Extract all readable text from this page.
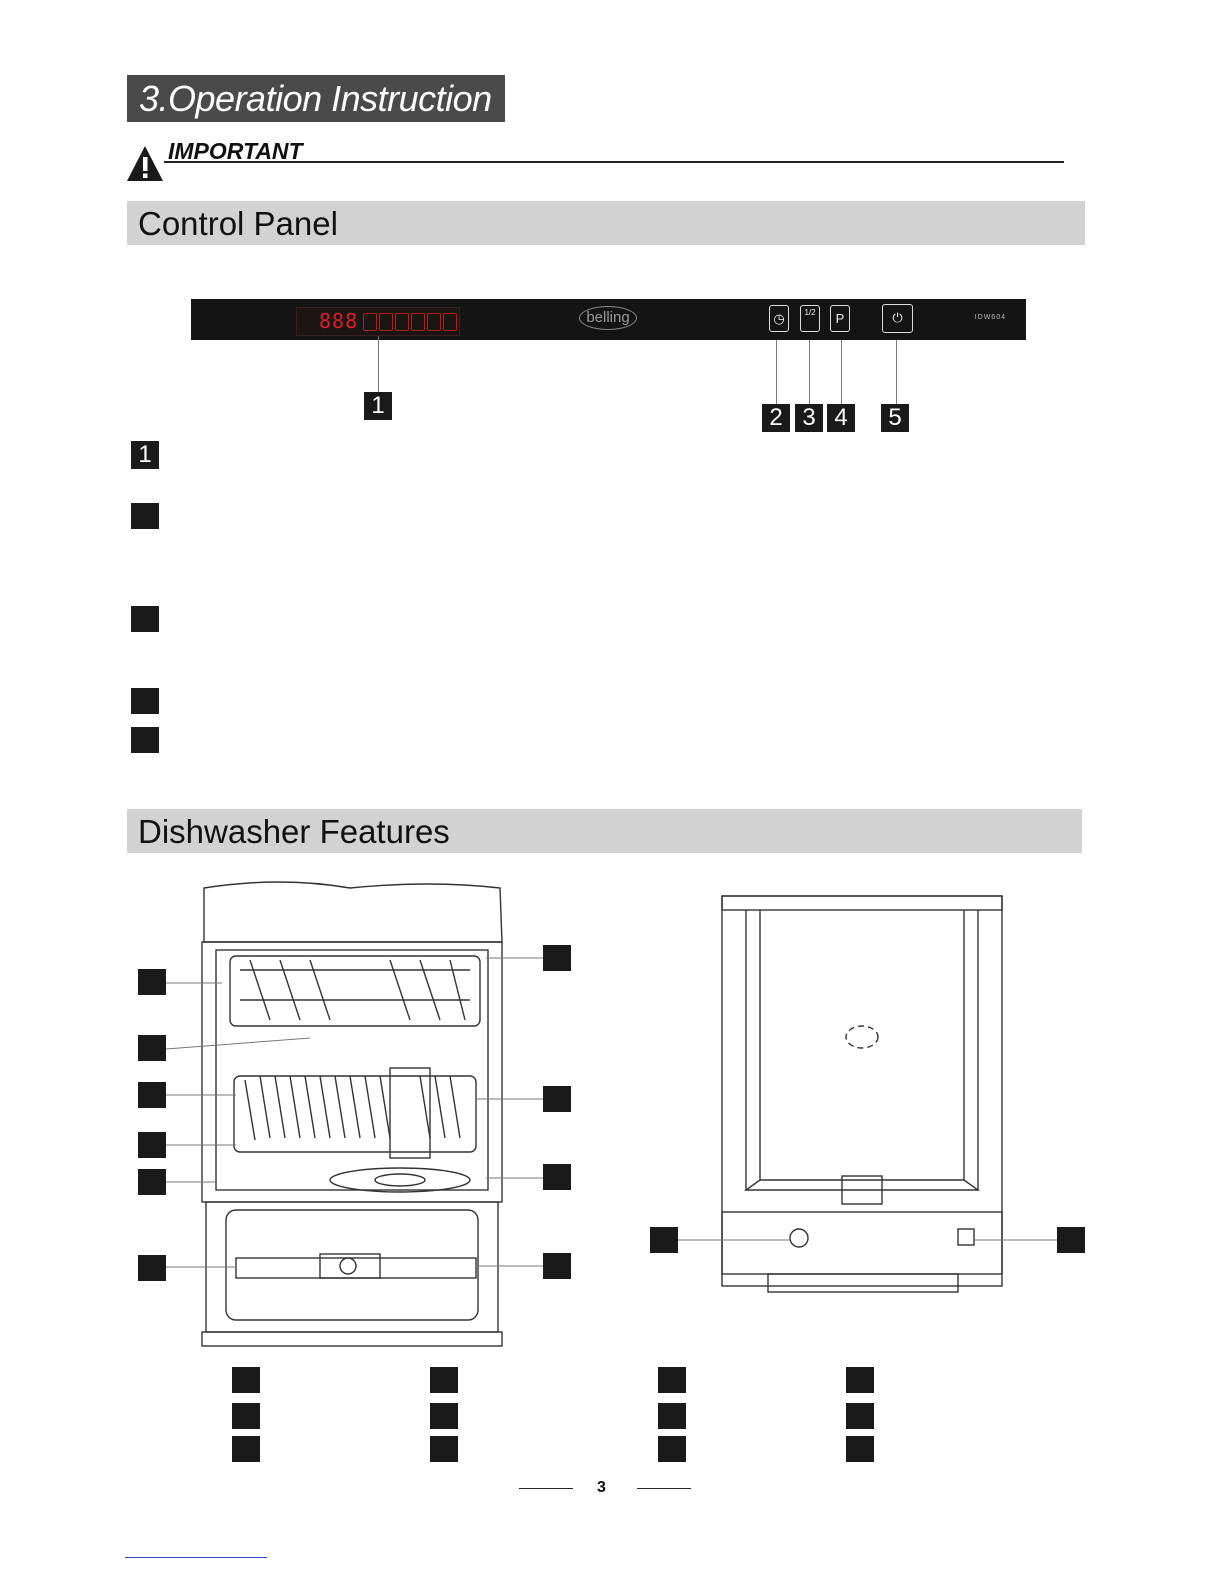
3.Operation Instruction
IMPORTANT
Control Panel
888	belling	◷	1/2	P	⏻	IDW604
1	2 3 4	5
1
Dishwasher Features
3
